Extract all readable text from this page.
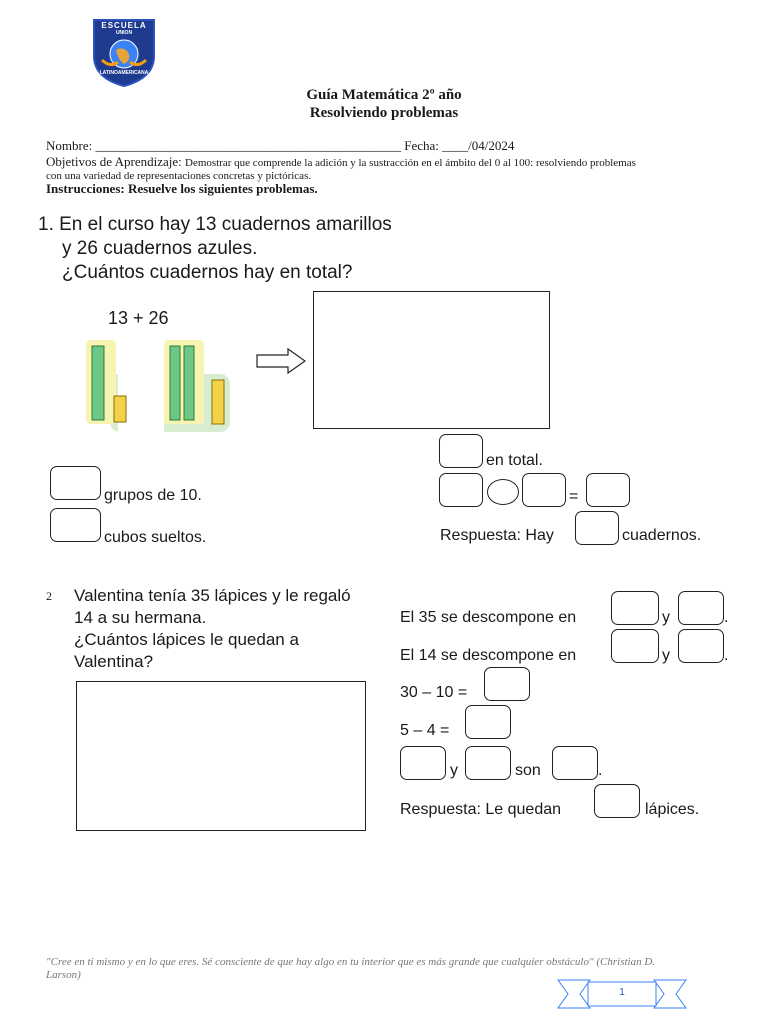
ESCUELA
UNION
LATINOAMERICANA
Guía Matemática 2º año
Resolviendo problemas
Nombre: _______________________________________________ Fecha: ____/04/2024
Objetivos de Aprendizaje: Demostrar que comprende la adición y la sustracción en el ámbito del 0 al 100: resolviendo problemas
con una variedad de representaciones concretas y pictóricas.
Instrucciones: Resuelve los siguientes problemas.
1. En el curso hay 13 cuadernos amarillos
y 26 cuadernos azules.
¿Cuántos cuadernos hay en total?
13 + 26
grupos de 10.
cubos sueltos.
en total.
=
Respuesta: Hay	cuadernos.
2 Valentina tenía 35 lápices y le regaló
14 a su hermana.
¿Cuántos lápices le quedan a
Valentina?
El 35 se descompone en	y	.
El 14 se descompone en	y	.
30 – 10 =
5 – 4 =
y	son	.
Respuesta: Le quedan	lápices.
"Cree en ti mismo y en lo que eres. Sé consciente de que hay algo en tu interior que es más grande que cualquier obstáculo" (Christian D. Larson)
1
